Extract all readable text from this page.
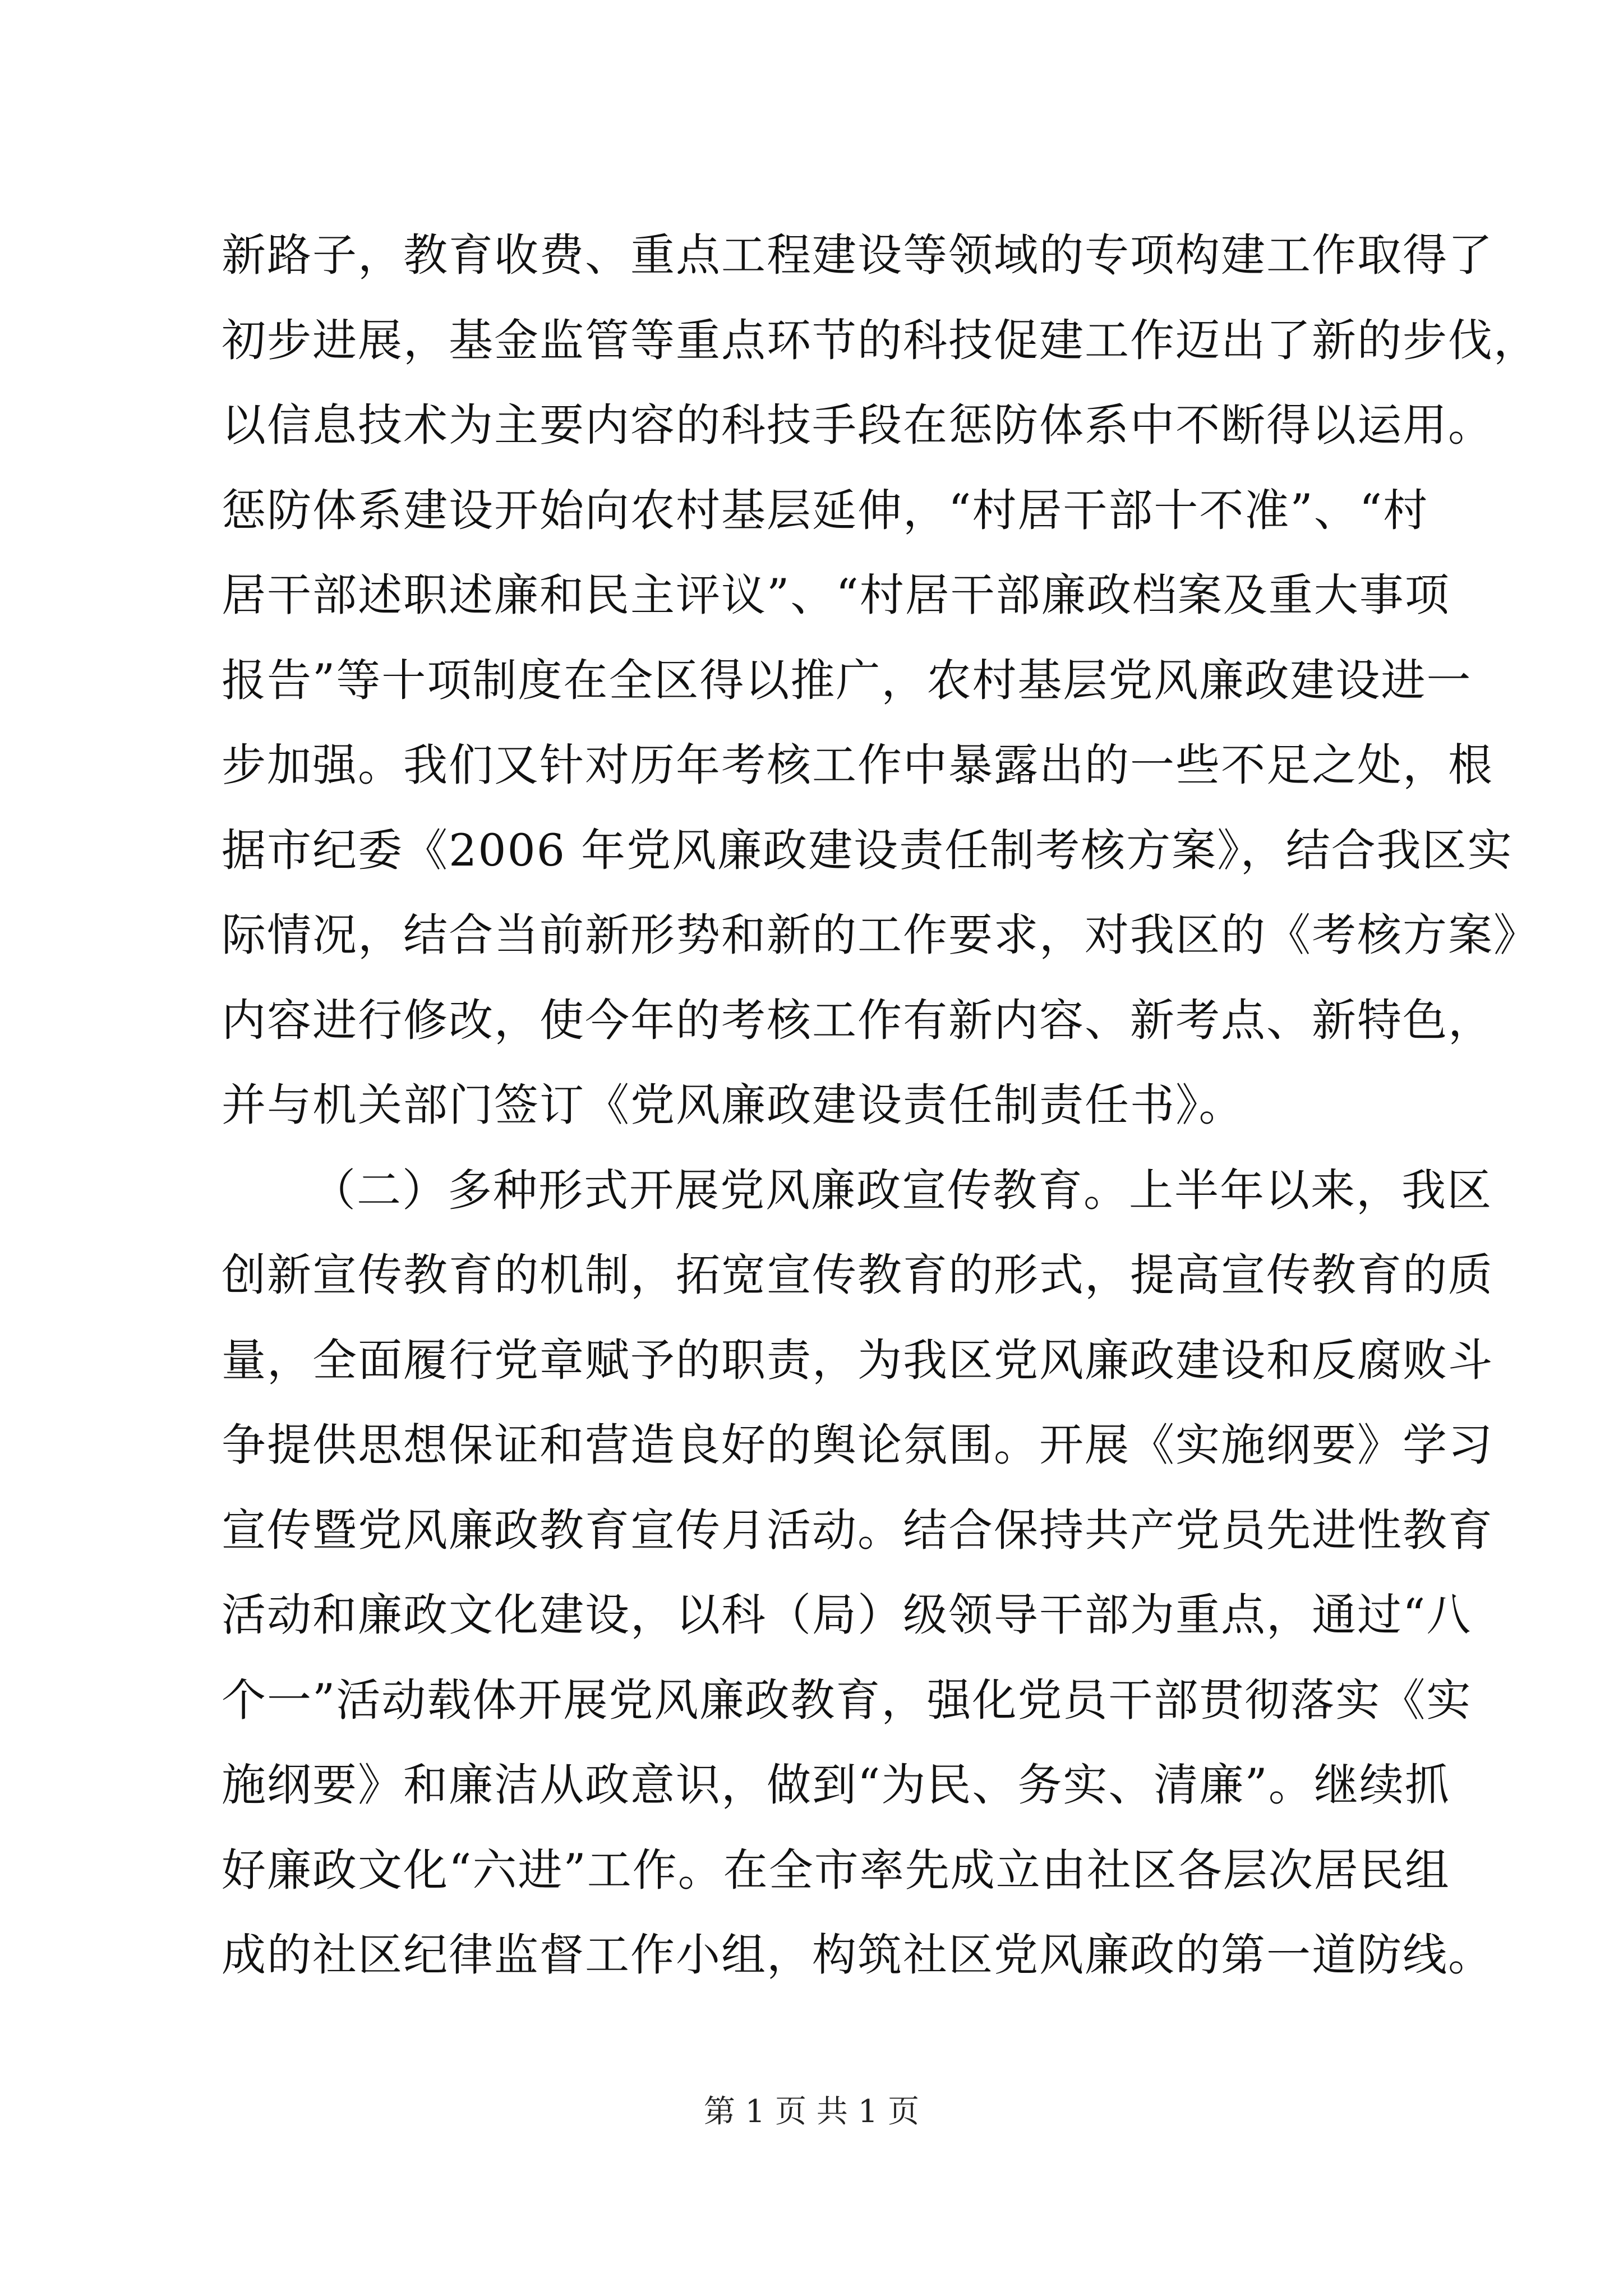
新路子，教育收费、重点工程建设等领域的专项构建工作取得了
初步进展，基金监管等重点环节的科技促建工作迈出了新的步伐，
以信息技术为主要内容的科技手段在惩防体系中不断得以运用。
惩防体系建设开始向农村基层延伸，“村居干部十不准”、“村
居干部述职述廉和民主评议”、“村居干部廉政档案及重大事项
报告”等十项制度在全区得以推广，农村基层党风廉政建设进一
步加强。我们又针对历年考核工作中暴露出的一些不足之处，根
据市纪委《2006 年党风廉政建设责任制考核方案》，结合我区实
际情况，结合当前新形势和新的工作要求，对我区的《考核方案》
内容进行修改，使今年的考核工作有新内容、新考点、新特色，
并与机关部门签订《党风廉政建设责任制责任书》。
（二）多种形式开展党风廉政宣传教育。上半年以来，我区
创新宣传教育的机制，拓宽宣传教育的形式，提高宣传教育的质
量，全面履行党章赋予的职责，为我区党风廉政建设和反腐败斗
争提供思想保证和营造良好的舆论氛围。开展《实施纲要》学习
宣传暨党风廉政教育宣传月活动。结合保持共产党员先进性教育
活动和廉政文化建设，以科（局）级领导干部为重点，通过“八
个一”活动载体开展党风廉政教育，强化党员干部贯彻落实《实
施纲要》和廉洁从政意识，做到“为民、务实、清廉”。继续抓
好廉政文化“六进”工作。在全市率先成立由社区各层次居民组
成的社区纪律监督工作小组，构筑社区党风廉政的第一道防线。
第 1 页 共 1 页
